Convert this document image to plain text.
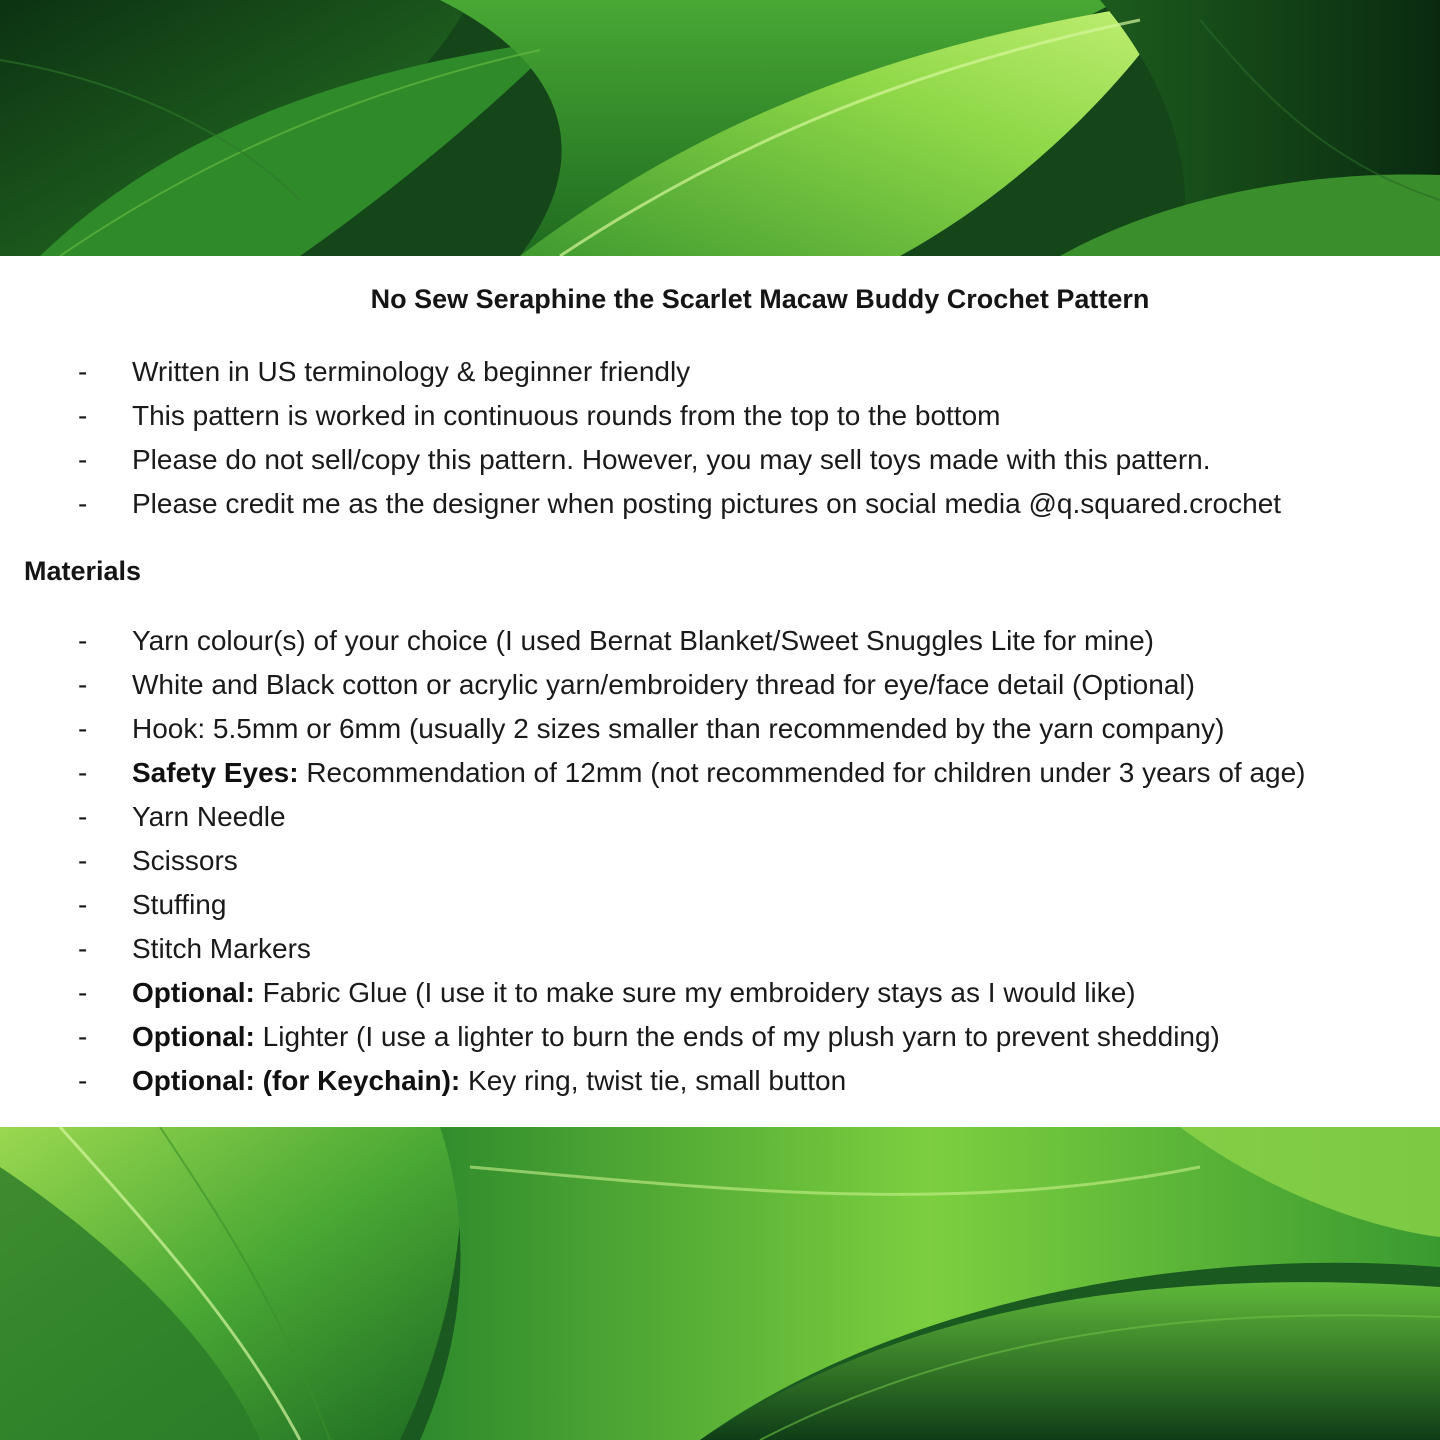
No Sew Seraphine the Scarlet Macaw Buddy Crochet Pattern
- Written in US terminology & beginner friendly
- This pattern is worked in continuous rounds from the top to the bottom
- Please do not sell/copy this pattern. However, you may sell toys made with this pattern.
- Please credit me as the designer when posting pictures on social media @q.squared.crochet
Materials
- Yarn colour(s) of your choice (I used Bernat Blanket/Sweet Snuggles Lite for mine)
- White and Black cotton or acrylic yarn/embroidery thread for eye/face detail (Optional)
- Hook: 5.5mm or 6mm (usually 2 sizes smaller than recommended by the yarn company)
- Safety Eyes: Recommendation of 12mm (not recommended for children under 3 years of age)
- Yarn Needle
- Scissors
- Stuffing
- Stitch Markers
- Optional: Fabric Glue (I use it to make sure my embroidery stays as I would like)
- Optional: Lighter (I use a lighter to burn the ends of my plush yarn to prevent shedding)
- Optional: (for Keychain): Key ring, twist tie, small button
